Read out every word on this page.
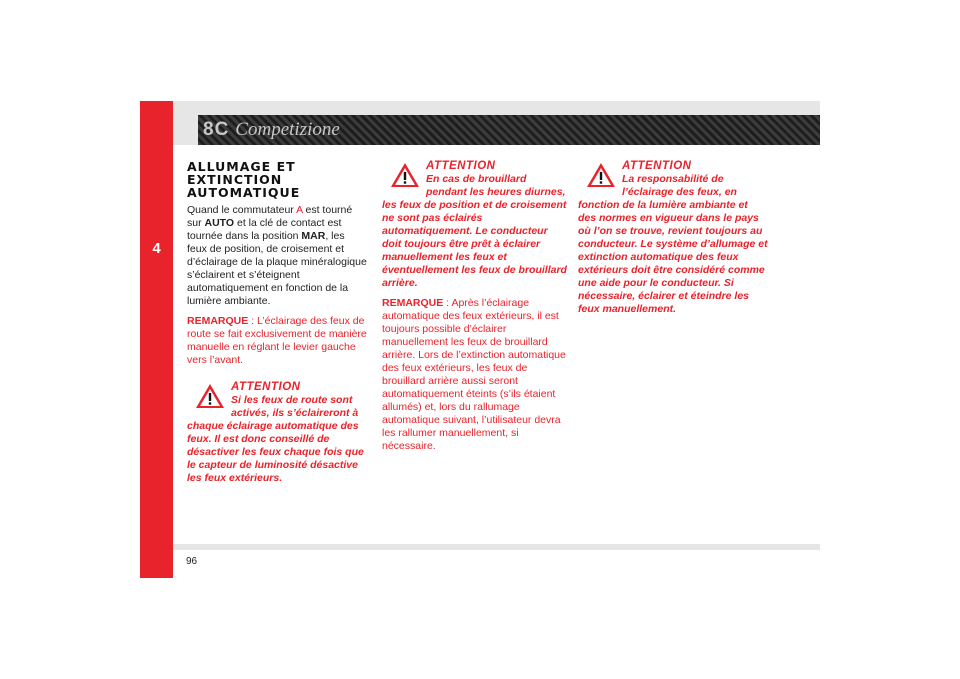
4
8C Competizione
ALLUMAGE ET EXTINCTION AUTOMATIQUE

Quand le commutateur A est tourné sur AUTO et la clé de contact est tournée dans la position MAR, les feux de position, de croisement et d’éclairage de la plaque minéralogique s’éclairent et s’éteignent automatiquement en fonction de la lumière ambiante.

REMARQUE : L’éclairage des feux de route se fait exclusivement de manière manuelle en réglant le levier gauche vers l’avant.

ATTENTION
Si les feux de route sont activés, ils s’éclaireront à chaque éclairage automatique des feux. Il est donc conseillé de désactiver les feux chaque fois que le capteur de luminosité désactive les feux extérieurs.
ATTENTION
En cas de brouillard pendant les heures diurnes, les feux de position et de croisement ne sont pas éclairés automatiquement. Le conducteur doit toujours être prêt à éclairer manuellement les feux et éventuellement les feux de brouillard arrière.

REMARQUE : Après l’éclairage automatique des feux extérieurs, il est toujours possible d’éclairer manuellement les feux de brouillard arrière. Lors de l’extinction automatique des feux extérieurs, les feux de brouillard arrière aussi seront automatiquement éteints (s’ils étaient allumés) et, lors du rallumage automatique suivant, l’utilisateur devra les rallumer manuellement, si nécessaire.

ATTENTION
La responsabilité de l’éclairage des feux, en fonction de la lumière ambiante et des normes en vigueur dans le pays où l’on se trouve, revient toujours au conducteur. Le système d’allumage et extinction automatique des feux extérieurs doit être considéré comme une aide pour le conducteur. Si nécessaire, éclairer et éteindre les feux manuellement.
96
